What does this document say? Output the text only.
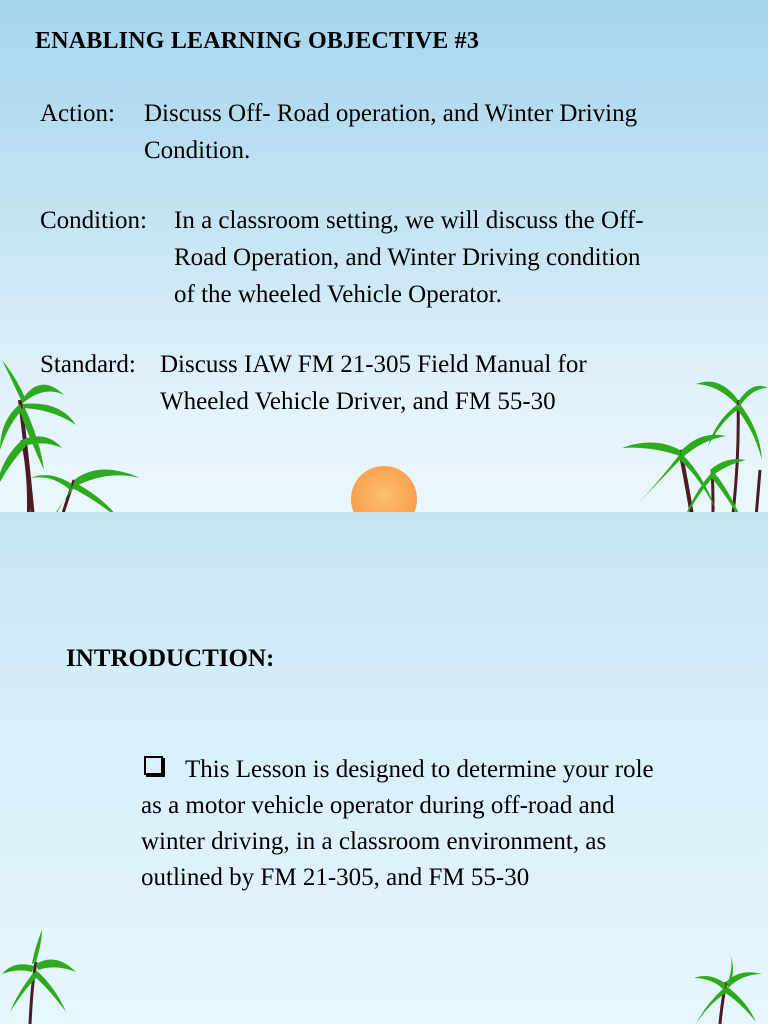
ENABLING LEARNING OBJECTIVE #3
Action: Discuss Off- Road operation, and Winter Driving
Condition.
Condition: In a classroom setting, we will discuss the Off-
Road Operation, and Winter Driving condition
of the wheeled Vehicle Operator.
Standard: Discuss IAW FM 21-305 Field Manual for
Wheeled Vehicle Driver, and FM 55-30
INTRODUCTION:
This Lesson is designed to determine your role
as a motor vehicle operator during off-road and
winter driving, in a classroom environment, as
outlined by FM 21-305, and FM 55-30
